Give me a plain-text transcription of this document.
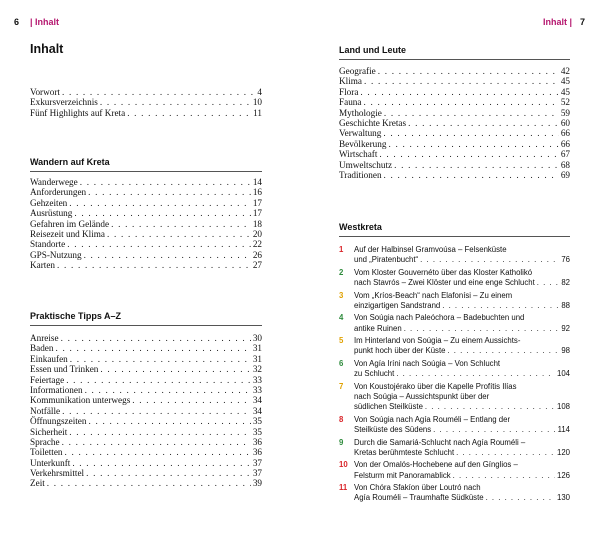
6 | Inhalt	Inhalt | 7
Inhalt
Vorwort . . .	4
Exkursverzeichnis . . .	10
Fünf Highlights auf Kreta . . .	11
Wandern auf Kreta
Wanderwege . . .	14
Anforderungen . . .	16
Gehzeiten . . .	17
Ausrüstung . . .	17
Gefahren im Gelände . . .	18
Reisezeit und Klima . . .	20
Standorte . . .	22
GPS-Nutzung . . .	26
Karten . . .	27
Praktische Tipps A–Z
Anreise . . .	30
Baden . . .	31
Einkaufen . . .	31
Essen und Trinken . . .	32
Feiertage . . .	33
Informationen . . .	33
Kommunikation unterwegs . . .	34
Notfälle . . .	34
Öffnungszeiten . . .	35
Sicherheit . . .	35
Sprache . . .	36
Toiletten . . .	36
Unterkunft . . .	37
Verkehrsmittel . . .	37
Zeit . . .	39
Land und Leute
Geografie . . .	42
Klima . . .	45
Flora . . .	45
Fauna . . .	52
Mythologie . . .	59
Geschichte Kretas . . .	60
Verwaltung . . .	66
Bevölkerung . . .	66
Wirtschaft . . .	67
Umweltschutz . . .	68
Traditionen . . .	69
Westkreta
1 Auf der Halbinsel Gramvoúsa – Felsenküste
und „Piratenbucht“ . . .	76
2 Vom Kloster Gouvernéto über das Kloster Katholikó
nach Stavrós – Zwei Klöster und eine enge Schlucht . . .	82
3 Vom „Kríos-Beach“ nach Elafonísi – Zu einem
einzigartigen Sandstrand . . .	88
4 Von Soúgia nach Paleóchora – Badebuchten und
antike Ruinen . . .	92
5 Im Hinterland von Soúgia – Zu einem Aussichts-
punkt hoch über der Küste . . .	98
6 Von Agía Iríni nach Soúgia – Von Schlucht
zu Schlucht . . .	104
7 Von Koustojérako über die Kapelle Profítis Ilías
nach Soúgia – Aussichtspunkt über der
südlichen Steilküste . . .	108
8 Von Soúgia nach Agía Rouméli – Entlang der
Steilküste des Südens . . .	114
9 Durch die Samariá-Schlucht nach Agía Rouméli –
Kretas berühmteste Schlucht . . .	120
10 Von der Omalós-Hochebene auf den Gínglios –
Felsturm mit Panoramablick . . .	126
11 Von Chóra Sfakíon über Loutró nach
Agía Rouméli – Traumhafte Südküste . . .	130
